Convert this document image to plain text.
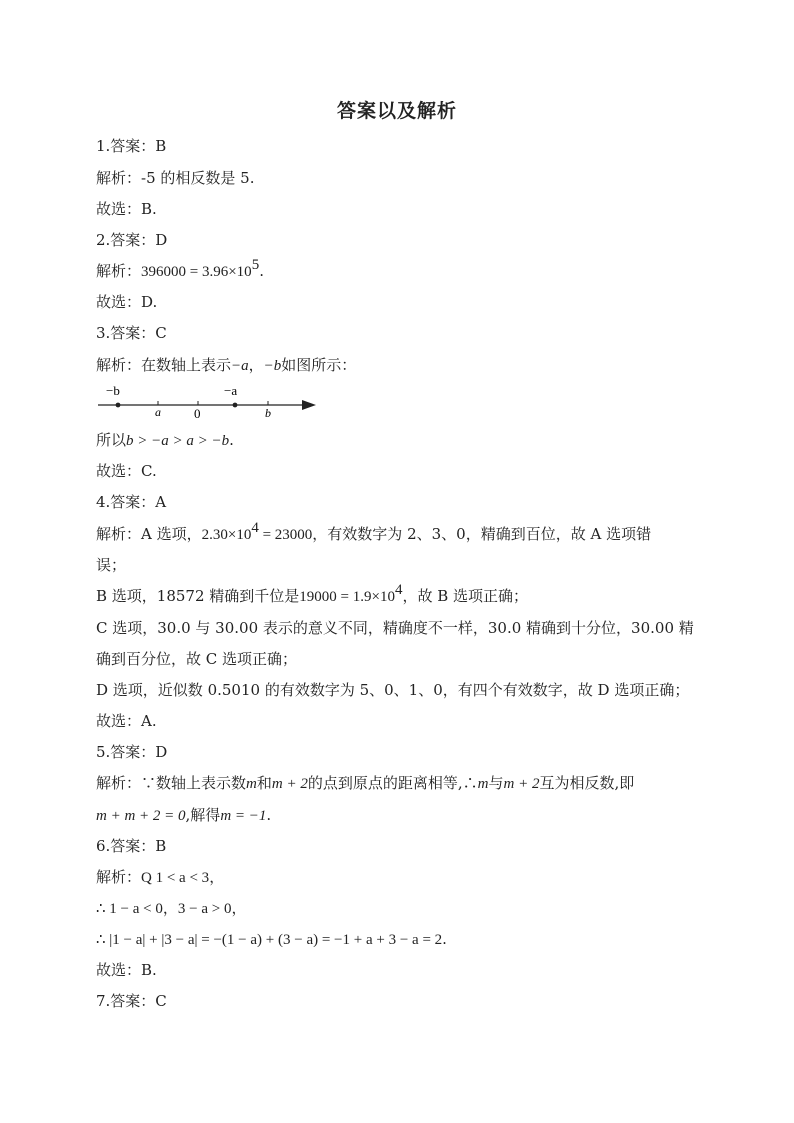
答案以及解析
1.答案：B
解析：-5 的相反数是 5.
故选：B.
2.答案：D
解析：$396000 = 3.96\times 10^5$.
故选：D.
3.答案：C
解析：在数轴上表示−a，−b如图所示：
−b	−a
a	0	b
所以b > −a > a > −b.
故选：C.
4.答案：A
解析：A 选项，$2.30\times 10^4 = 23000$，有效数字为 2、3、0，精确到百位，故 A 选项错
误；
B 选项，18572 精确到千位是$19000 = 1.9\times 10^4$，故 B 选项正确；
C 选项，30.0 与 30.00 表示的意义不同，精确度不一样，30.0 精确到十分位，30.00 精
确到百分位，故 C 选项正确；
D 选项，近似数 0.5010 的有效数字为 5、0、1、0，有四个有效数字，故 D 选项正确；
故选：A.
5.答案：D
解析：∵数轴上表示数m和m + 2的点到原点的距离相等,∴m与m + 2互为相反数,即
m + m + 2 = 0,解得m = −1.
6.答案：B
解析：Q 1 < a < 3，
∴ 1 − a < 0，3 − a > 0，
∴ |1 − a| + |3 − a| = −(1 − a) + (3 − a) = −1 + a + 3 − a = 2.
故选：B.
7.答案：C
